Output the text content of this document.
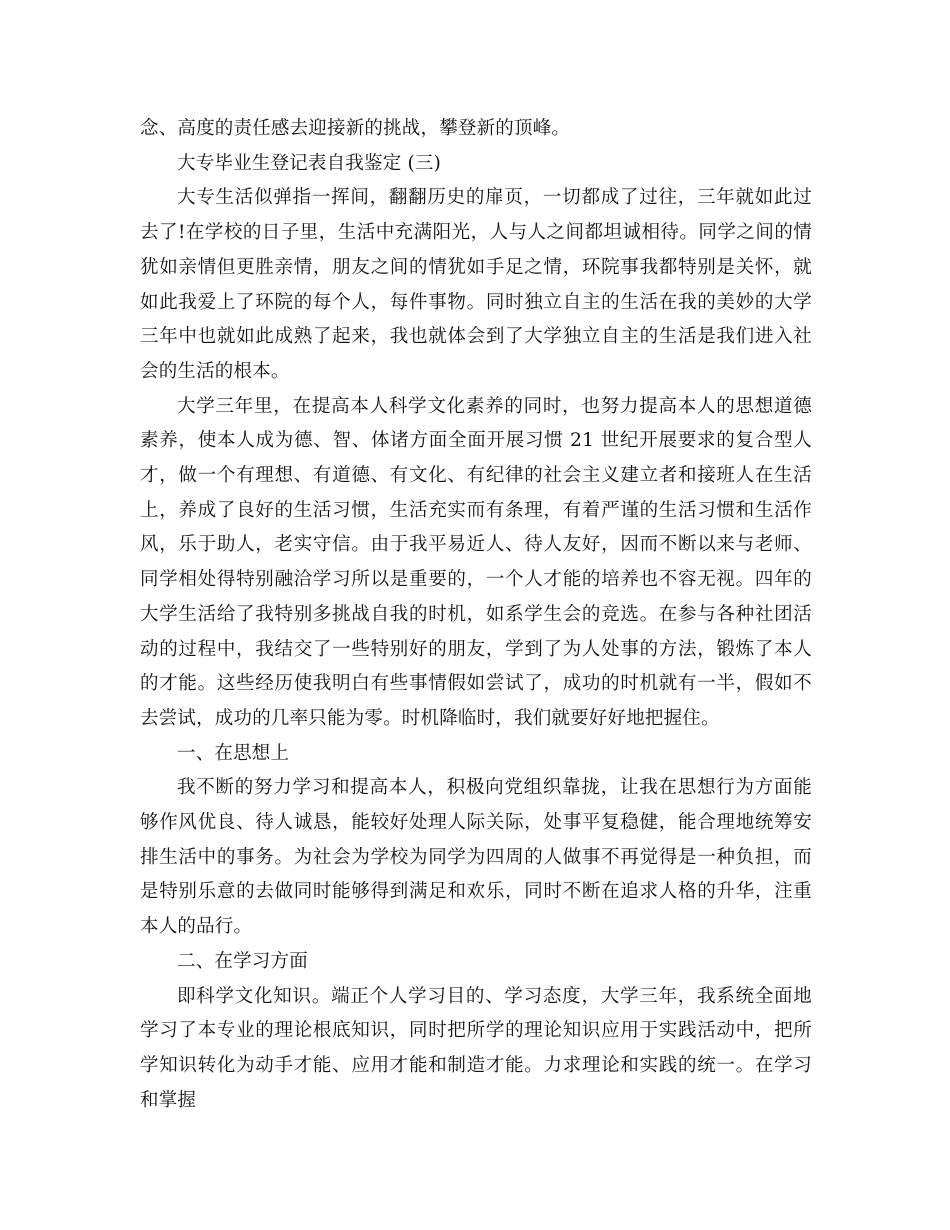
念、高度的责任感去迎接新的挑战，攀登新的顶峰。

大专毕业生登记表自我鉴定 (三)

大专生活似弹指一挥间，翻翻历史的扉页，一切都成了过往，三年就如此过去了!在学校的日子里，生活中充满阳光，人与人之间都坦诚相待。同学之间的情犹如亲情但更胜亲情，朋友之间的情犹如手足之情，环院事我都特别是关怀，就如此我爱上了环院的每个人，每件事物。同时独立自主的生活在我的美妙的大学三年中也就如此成熟了起来，我也就体会到了大学独立自主的生活是我们进入社会的生活的根本。

大学三年里，在提高本人科学文化素养的同时，也努力提高本人的思想道德素养，使本人成为德、智、体诸方面全面开展习惯 21 世纪开展要求的复合型人才，做一个有理想、有道德、有文化、有纪律的社会主义建立者和接班人在生活上，养成了良好的生活习惯，生活充实而有条理，有着严谨的生活习惯和生活作风，乐于助人，老实守信。由于我平易近人、待人友好，因而不断以来与老师、同学相处得特别融洽学习所以是重要的，一个人才能的培养也不容无视。四年的大学生活给了我特别多挑战自我的时机，如系学生会的竞选。在参与各种社团活动的过程中，我结交了一些特别好的朋友，学到了为人处事的方法，锻炼了本人的才能。这些经历使我明白有些事情假如尝试了，成功的时机就有一半，假如不去尝试，成功的几率只能为零。时机降临时，我们就要好好地把握住。

一、在思想上

我不断的努力学习和提高本人，积极向党组织靠拢，让我在思想行为方面能够作风优良、待人诚恳，能较好处理人际关际，处事平复稳健，能合理地统筹安排生活中的事务。为社会为学校为同学为四周的人做事不再觉得是一种负担，而是特别乐意的去做同时能够得到满足和欢乐，同时不断在追求人格的升华，注重本人的品行。

二、在学习方面

即科学文化知识。端正个人学习目的、学习态度，大学三年，我系统全面地学习了本专业的理论根底知识，同时把所学的理论知识应用于实践活动中，把所学知识转化为动手才能、应用才能和制造才能。力求理论和实践的统一。在学习和掌握
